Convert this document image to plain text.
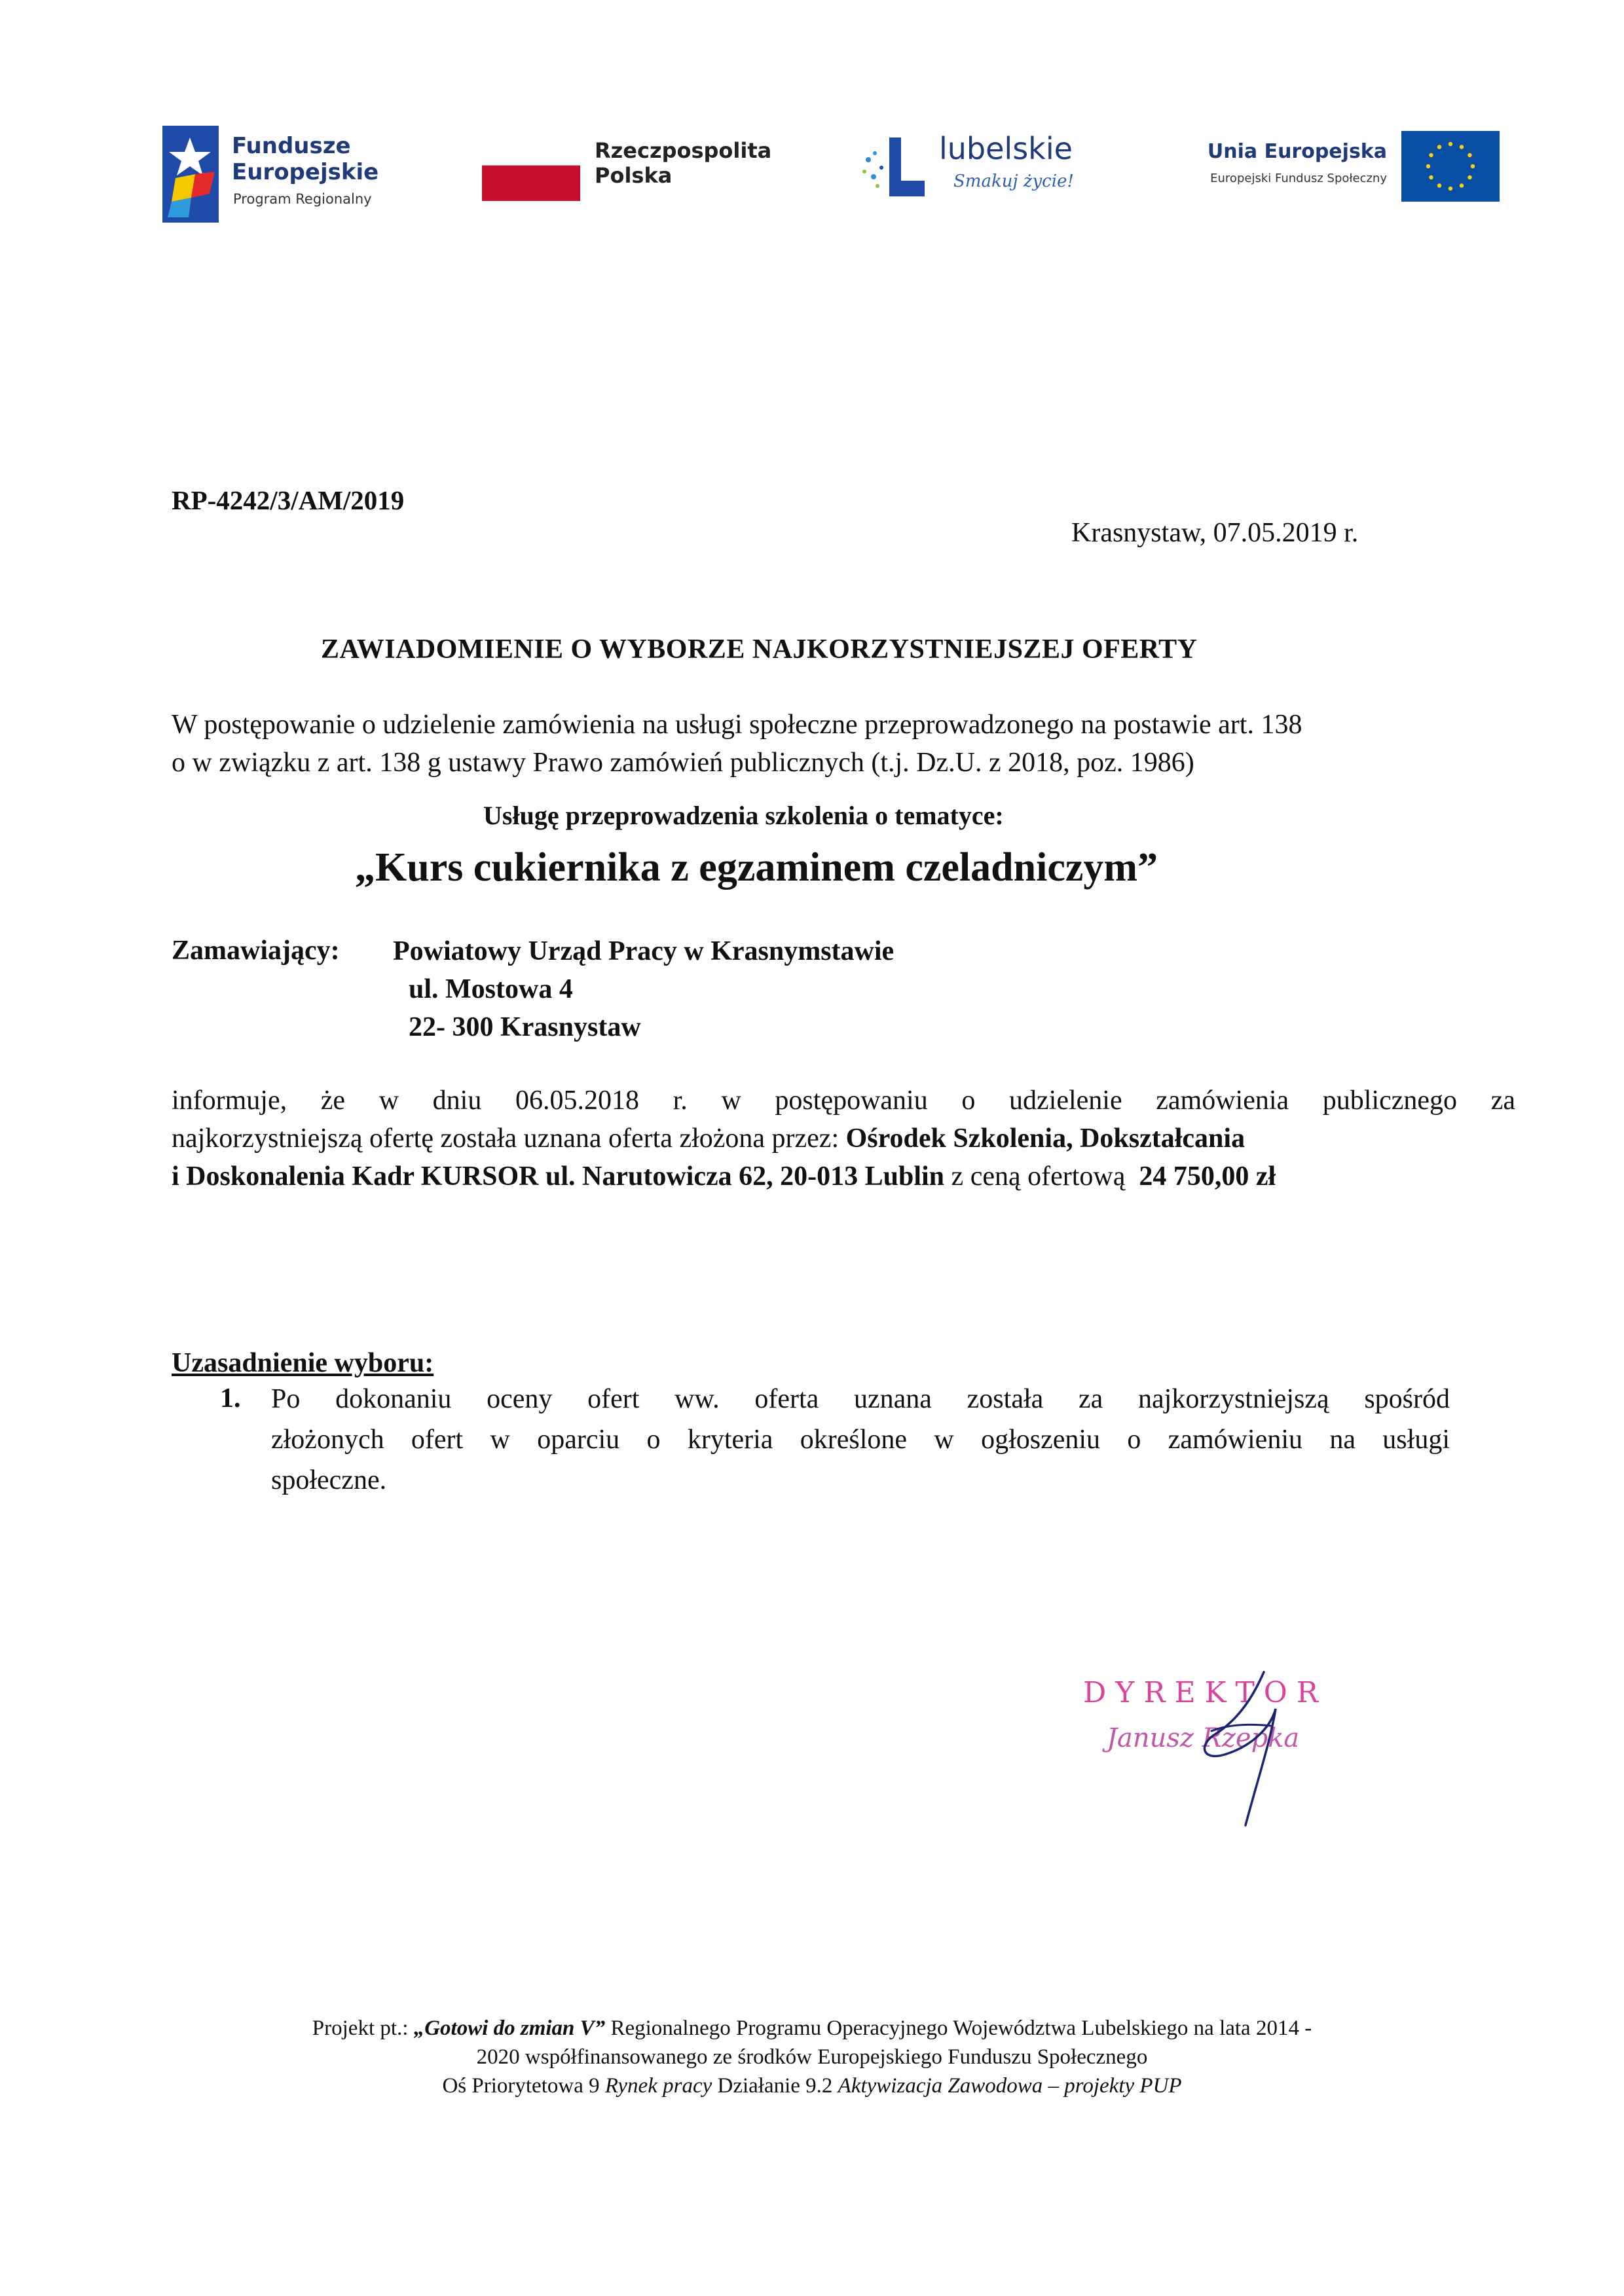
Fundusze
Europejskie
Program Regionalny
Rzeczpospolita
Polska
lubelskie
Smakuj życie!
Unia Europejska
Europejski Fundusz Społeczny
RP-4242/3/AM/2019
Krasnystaw, 07.05.2019 r.
ZAWIADOMIENIE O WYBORZE NAJKORZYSTNIEJSZEJ OFERTY
W postępowanie o udzielenie zamówienia na usługi społeczne przeprowadzonego na postawie art. 138
o w związku z art. 138 g ustawy Prawo zamówień publicznych (t.j. Dz.U. z 2018, poz. 1986)
Usługę przeprowadzenia szkolenia o tematyce:
„Kurs cukiernika z egzaminem czeladniczym”
Zamawiający: Powiatowy Urząd Pracy w Krasnymstawie
ul. Mostowa 4
22- 300 Krasnystaw
informuje, że w dniu 06.05.2018 r. w postępowaniu o udzielenie zamówienia publicznego za
najkorzystniejszą ofertę została uznana oferta złożona przez: Ośrodek Szkolenia, Dokształcania
i Doskonalenia Kadr KURSOR ul. Narutowicza 62, 20-013 Lublin z ceną ofertową  24 750,00 zł
Uzasadnienie wyboru:
1. Po dokonaniu oceny ofert ww. oferta uznana została za najkorzystniejszą spośród
złożonych ofert w oparciu o kryteria określone w ogłoszeniu o zamówieniu na usługi
społeczne.
DYREKTOR
Janusz Rzepka
Projekt pt.: „Gotowi do zmian V” Regionalnego Programu Operacyjnego Województwa Lubelskiego na lata 2014 -
2020 współfinansowanego ze środków Europejskiego Funduszu Społecznego
Oś Priorytetowa 9 Rynek pracy Działanie 9.2 Aktywizacja Zawodowa – projekty PUP
